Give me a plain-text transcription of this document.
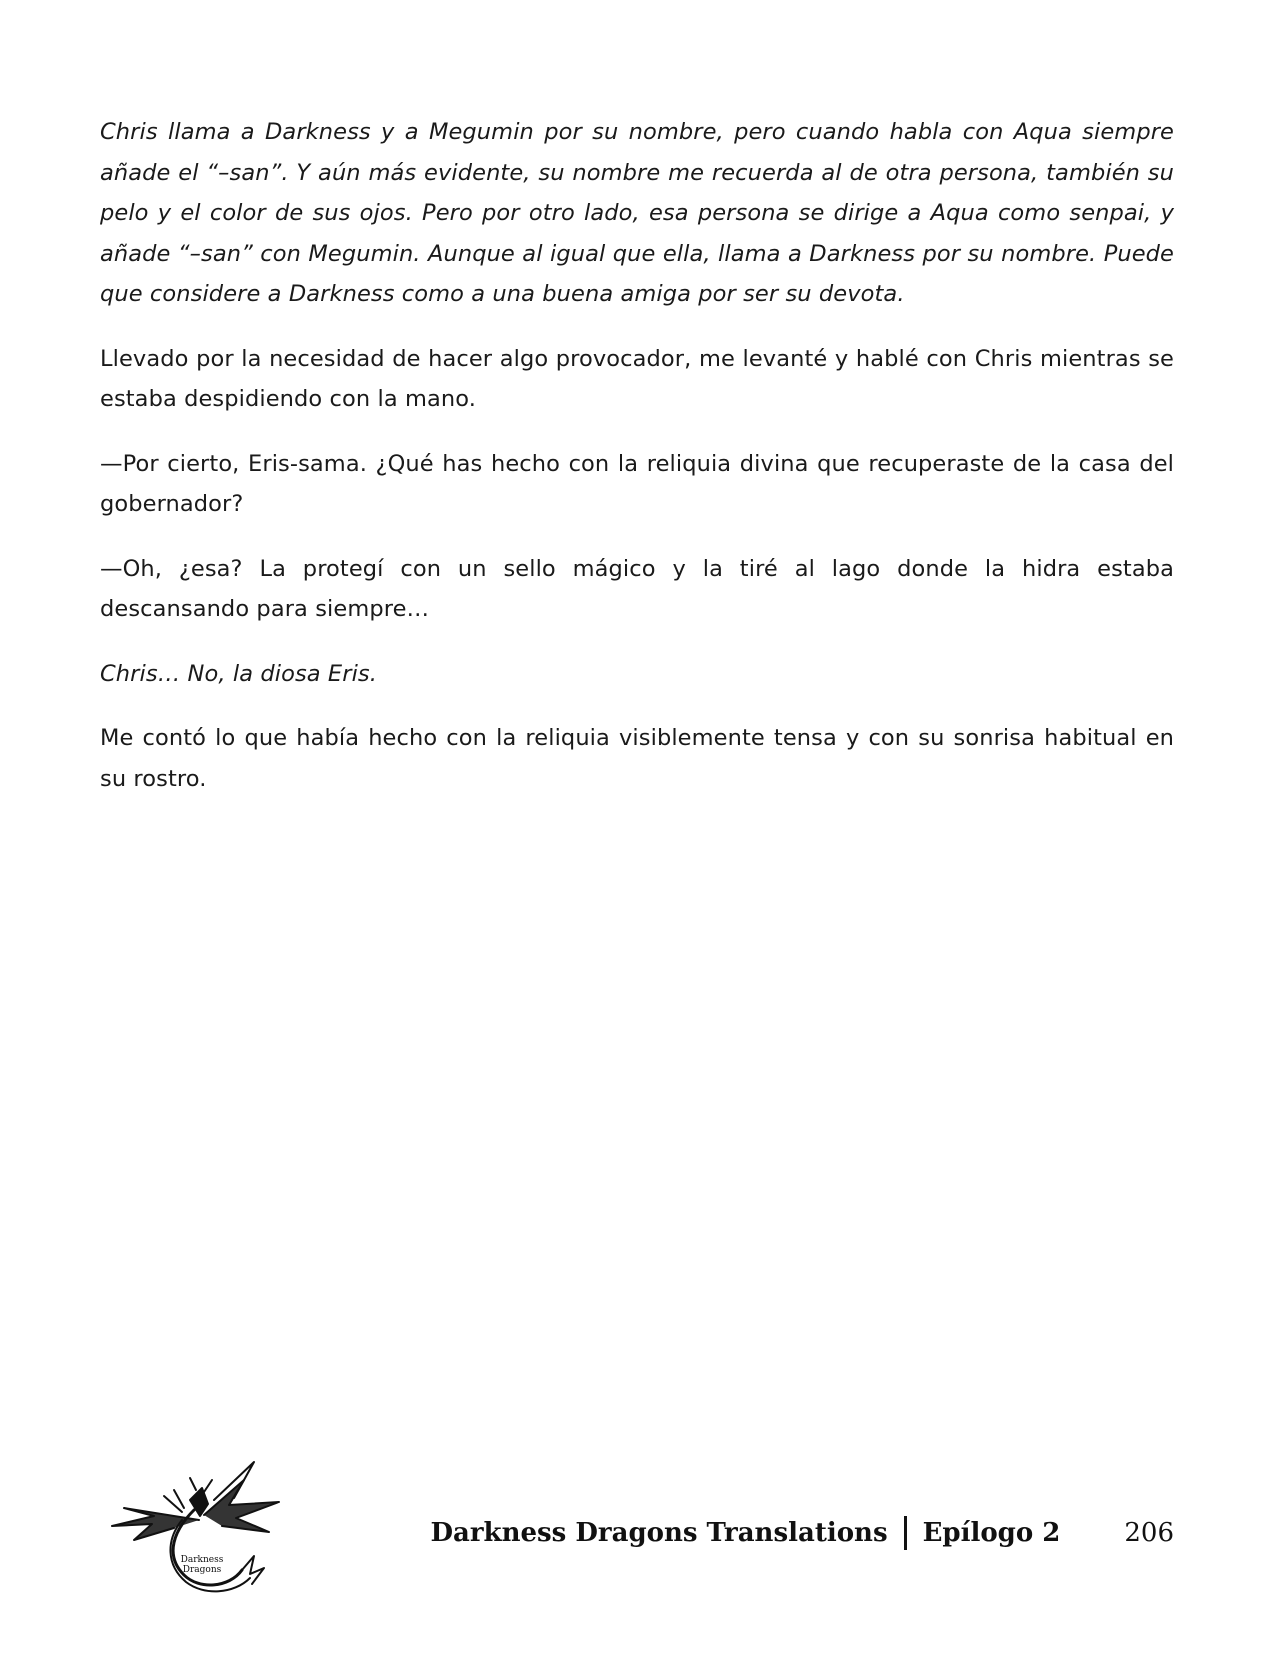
Chris llama a Darkness y a Megumin por su nombre, pero cuando habla con Aqua siempre añade el “–san”. Y aún más evidente, su nombre me recuerda al de otra persona, también su pelo y el color de sus ojos. Pero por otro lado, esa persona se dirige a Aqua como senpai, y añade “–san” con Megumin. Aunque al igual que ella, llama a Darkness por su nombre. Puede que considere a Darkness como a una buena amiga por ser su devota.

Llevado por la necesidad de hacer algo provocador, me levanté y hablé con Chris mientras se estaba despidiendo con la mano.

—Por cierto, Eris-sama. ¿Qué has hecho con la reliquia divina que recuperaste de la casa del gobernador?

—Oh, ¿esa? La protegí con un sello mágico y la tiré al lago donde la hidra estaba descansando para siempre…

Chris… No, la diosa Eris.

Me contó lo que había hecho con la reliquia visiblemente tensa y con su sonrisa habitual en su rostro.

Darkness
Dragons
Darkness Dragons Translations Epílogo 2 206
